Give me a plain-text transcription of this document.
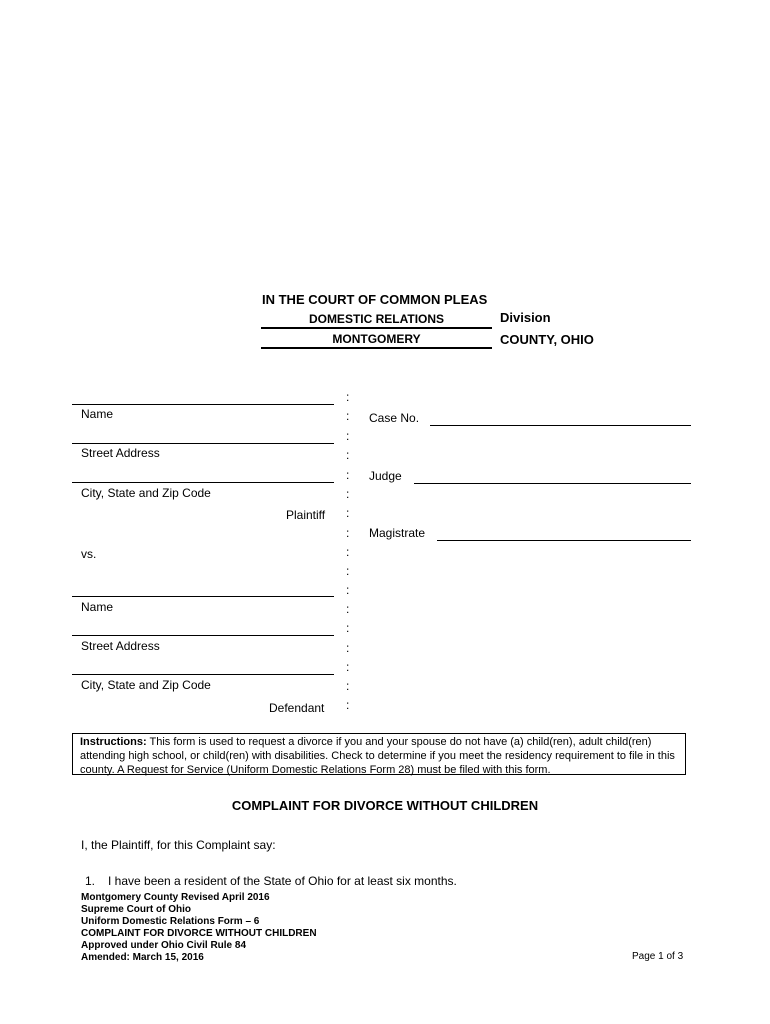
IN THE COURT OF COMMON PLEAS
DOMESTIC RELATIONS	Division
MONTGOMERY	COUNTY, OHIO
Name
Street Address
City, State and Zip Code
Plaintiff
vs.
Name
Street Address
City, State and Zip Code
Defendant
:
:
:
:
:
:
:
:
:
:
:
:
:
:
:
:
:
Case No.
Judge
Magistrate
Instructions: This form is used to request a divorce if you and your spouse do not have (a) child(ren), adult child(ren) attending high school, or child(ren) with disabilities. Check to determine if you meet the residency requirement to file in this county. A Request for Service (Uniform Domestic Relations Form 28) must be filed with this form.
COMPLAINT FOR DIVORCE WITHOUT CHILDREN
I, the Plaintiff, for this Complaint say:
1. I have been a resident of the State of Ohio for at least six months.
Montgomery County Revised April 2016
Supreme Court of Ohio
Uniform Domestic Relations Form – 6
COMPLAINT FOR DIVORCE WITHOUT CHILDREN
Approved under Ohio Civil Rule 84
Amended: March 15, 2016	Page 1 of 3
